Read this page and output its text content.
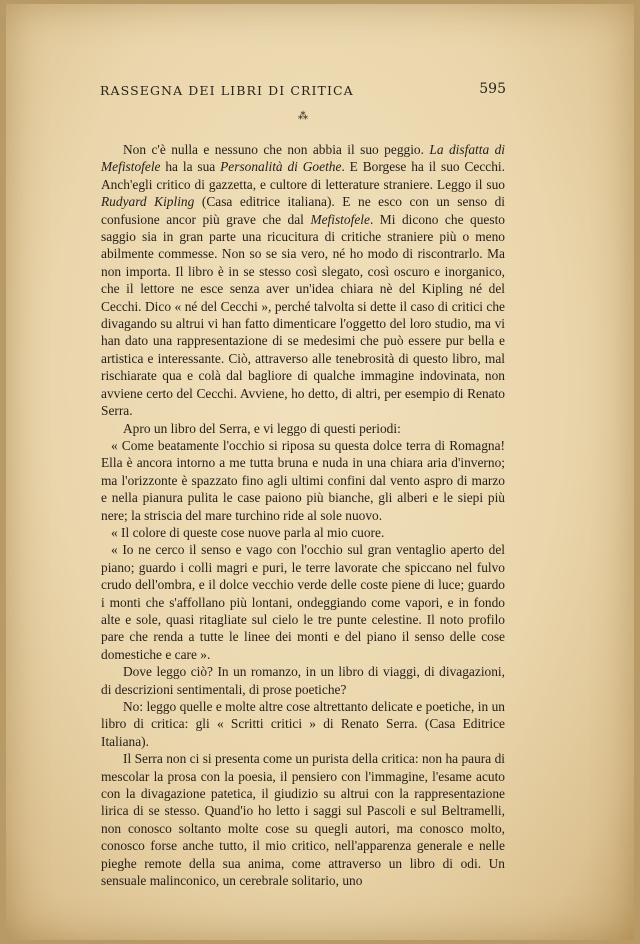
RASSEGNA DEI LIBRI DI CRITICA	595
⁂

Non c'è nulla e nessuno che non abbia il suo peggio. La disfatta di Mefistofele ha la sua Personalità di Goethe. E Borgese ha il suo Cecchi. Anch'egli critico di gazzetta, e cultore di letterature straniere. Leggo il suo Rudyard Kipling (Casa editrice italiana). E ne esco con un senso di confusione ancor più grave che dal Mefistofele. Mi dicono che questo saggio sia in gran parte una ricucitura di critiche straniere più o meno abilmente commesse. Non so se sia vero, né ho modo di riscontrarlo. Ma non importa. Il libro è in se stesso così slegato, così oscuro e inorganico, che il lettore ne esce senza aver un'idea chiara nè del Kipling né del Cecchi. Dico « né del Cecchi », perché talvolta si dette il caso di critici che divagando su altrui vi han fatto dimenticare l'oggetto del loro studio, ma vi han dato una rappresentazione di se medesimi che può essere pur bella e artistica e interessante. Ciò, attraverso alle tenebrosità di questo libro, mal rischiarate qua e colà dal bagliore di qualche immagine indovinata, non avviene certo del Cecchi. Avviene, ho detto, di altri, per esempio di Renato Serra.

Apro un libro del Serra, e vi leggo di questi periodi:

« Come beatamente l'occhio si riposa su questa dolce terra di Romagna! Ella è ancora intorno a me tutta bruna e nuda in una chiara aria d'inverno; ma l'orizzonte è spazzato fino agli ultimi confini dal vento aspro di marzo e nella pianura pulita le case paiono più bianche, gli alberi e le siepi più nere; la striscia del mare turchino ride al sole nuovo.

« Il colore di queste cose nuove parla al mio cuore.

« Io ne cerco il senso e vago con l'occhio sul gran ventaglio aperto del piano; guardo i colli magri e puri, le terre lavorate che spiccano nel fulvo crudo dell'ombra, e il dolce vecchio verde delle coste piene di luce; guardo i monti che s'affollano più lontani, ondeggiando come vapori, e in fondo alte e sole, quasi ritagliate sul cielo le tre punte celestine. Il noto profilo pare che renda a tutte le linee dei monti e del piano il senso delle cose domestiche e care ».

Dove leggo ciò? In un romanzo, in un libro di viaggi, di divagazioni, di descrizioni sentimentali, di prose poetiche?

No: leggo quelle e molte altre cose altrettanto delicate e poetiche, in un libro di critica: gli « Scritti critici » di Renato Serra. (Casa Editrice Italiana).

Il Serra non ci si presenta come un purista della critica: non ha paura di mescolar la prosa con la poesia, il pensiero con l'immagine, l'esame acuto con la divagazione patetica, il giudizio su altrui con la rappresentazione lirica di se stesso. Quand'io ho letto i saggi sul Pascoli e sul Beltramelli, non conosco soltanto molte cose su quegli autori, ma conosco molto, conosco forse anche tutto, il mio critico, nell'apparenza generale e nelle pieghe remote della sua anima, come attraverso un libro di odi. Un sensuale malinconico, un cerebrale solitario, uno
